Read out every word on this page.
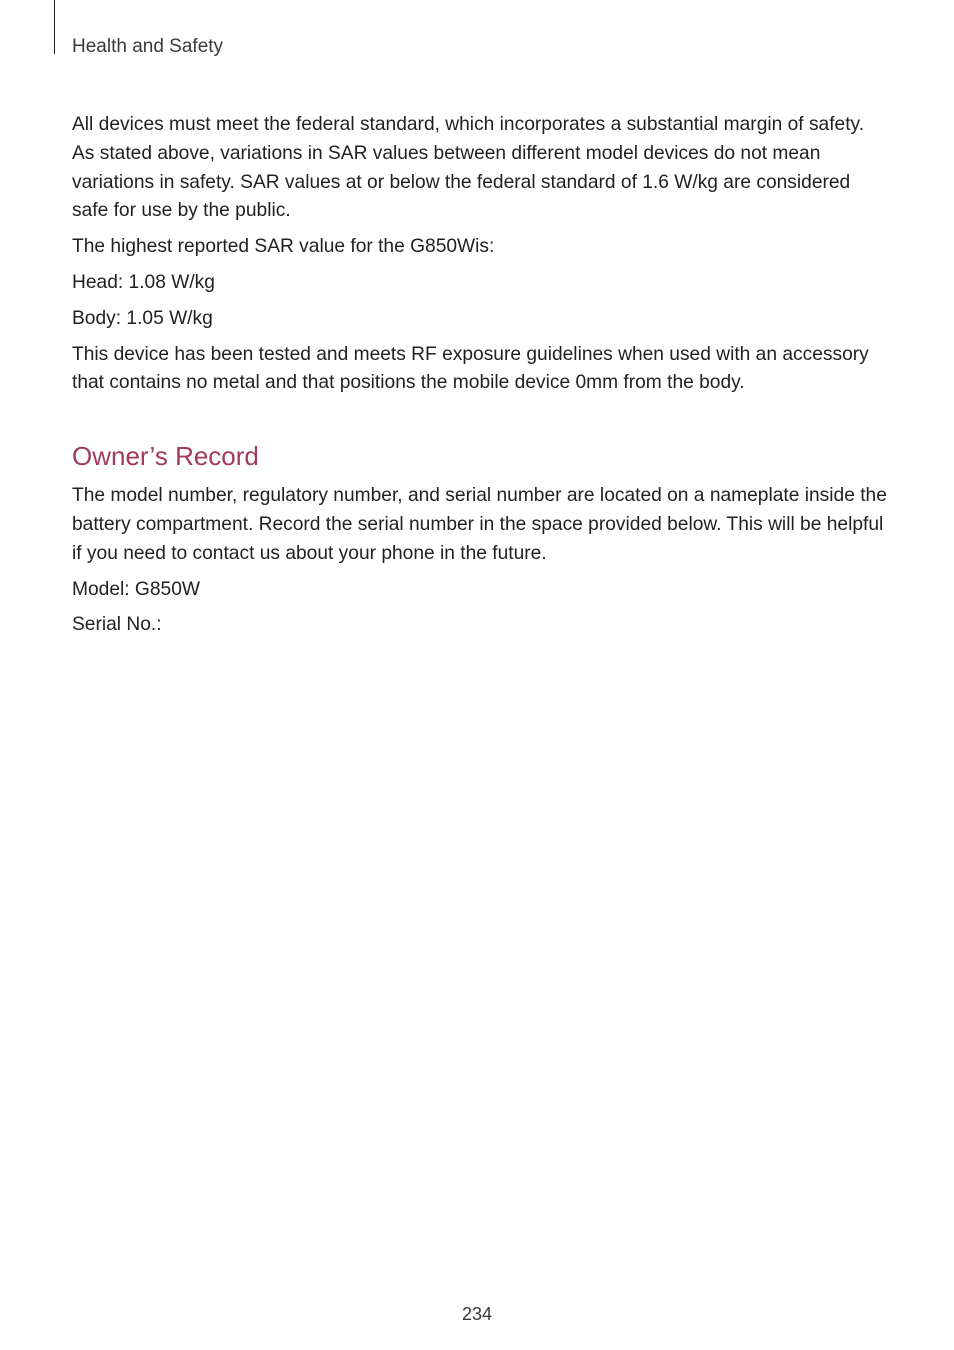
Health and Safety

All devices must meet the federal standard, which incorporates a substantial margin of safety. As stated above, variations in SAR values between different model devices do not mean variations in safety. SAR values at or below the federal standard of 1.6 W/kg are considered safe for use by the public.

The highest reported SAR value for the G850Wis:

Head: 1.08 W/kg

Body: 1.05 W/kg

This device has been tested and meets RF exposure guidelines when used with an accessory that contains no metal and that positions the mobile device 0mm from the body.

Owner’s Record

The model number, regulatory number, and serial number are located on a nameplate inside the battery compartment. Record the serial number in the space provided below. This will be helpful if you need to contact us about your phone in the future.

Model: G850W

Serial No.:

234
